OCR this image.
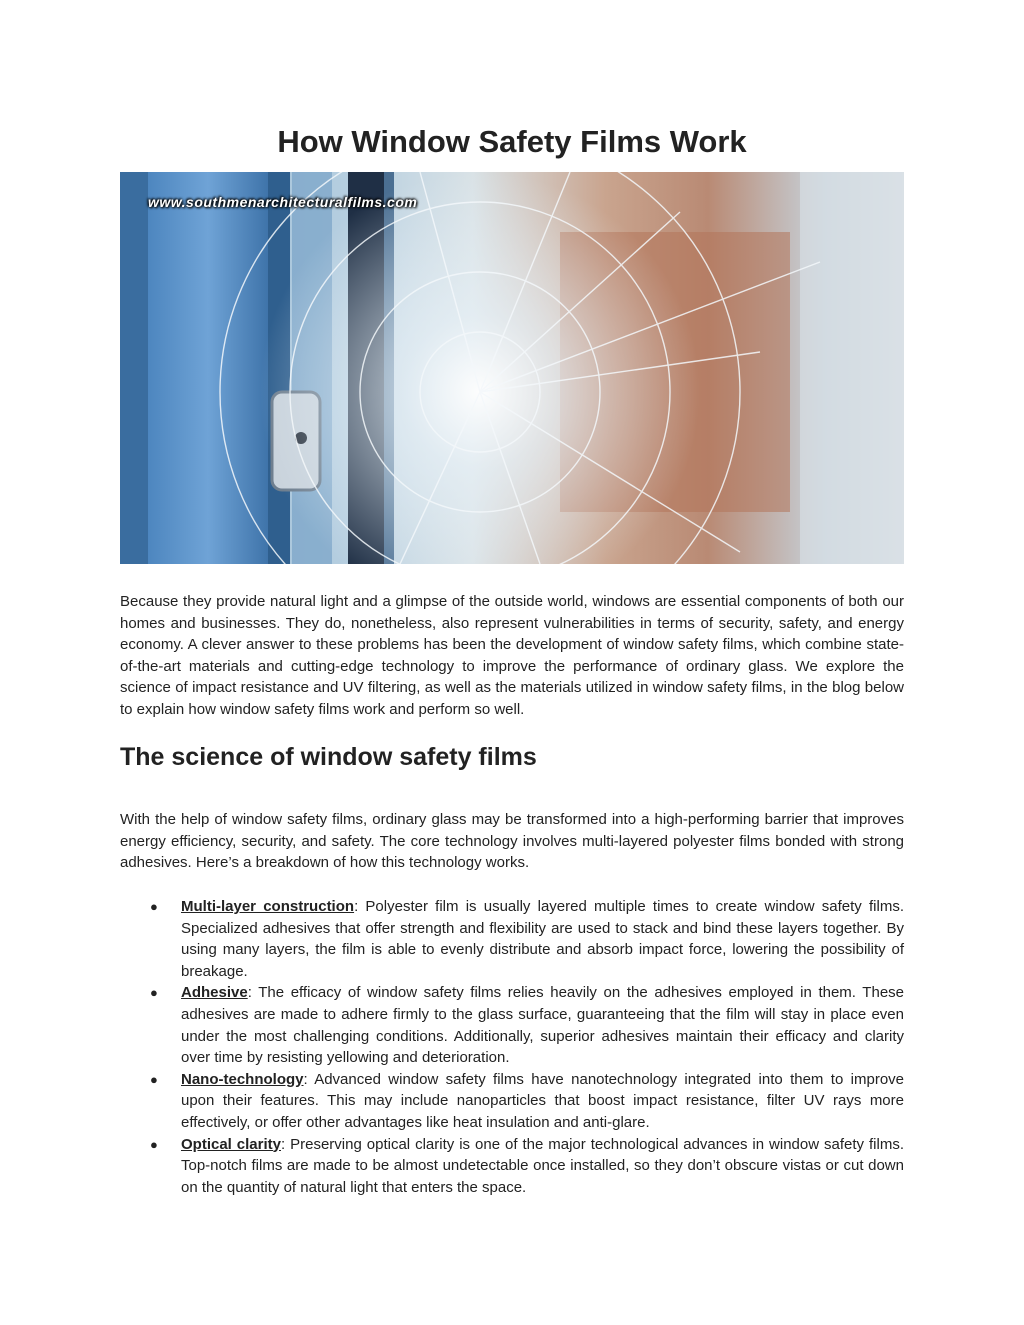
How Window Safety Films Work
www.southmenarchitecturalfilms.com

Because they provide natural light and a glimpse of the outside world, windows are essential components of both our homes and businesses. They do, nonetheless, also represent vulnerabilities in terms of security, safety, and energy economy. A clever answer to these problems has been the development of window safety films, which combine state-of-the-art materials and cutting-edge technology to improve the performance of ordinary glass. We explore the science of impact resistance and UV filtering, as well as the materials utilized in window safety films, in the blog below to explain how window safety films work and perform so well.

The science of window safety films

With the help of window safety films, ordinary glass may be transformed into a high-performing barrier that improves energy efficiency, security, and safety. The core technology involves multi-layered polyester films bonded with strong adhesives. Here’s a breakdown of how this technology works.

● Multi-layer construction: Polyester film is usually layered multiple times to create window safety films. Specialized adhesives that offer strength and flexibility are used to stack and bind these layers together. By using many layers, the film is able to evenly distribute and absorb impact force, lowering the possibility of breakage.
● Adhesive: The efficacy of window safety films relies heavily on the adhesives employed in them. These adhesives are made to adhere firmly to the glass surface, guaranteeing that the film will stay in place even under the most challenging conditions. Additionally, superior adhesives maintain their efficacy and clarity over time by resisting yellowing and deterioration.
● Nano-technology: Advanced window safety films have nanotechnology integrated into them to improve upon their features. This may include nanoparticles that boost impact resistance, filter UV rays more effectively, or offer other advantages like heat insulation and anti-glare.
● Optical clarity: Preserving optical clarity is one of the major technological advances in window safety films. Top-notch films are made to be almost undetectable once installed, so they don’t obscure vistas or cut down on the quantity of natural light that enters the space.
